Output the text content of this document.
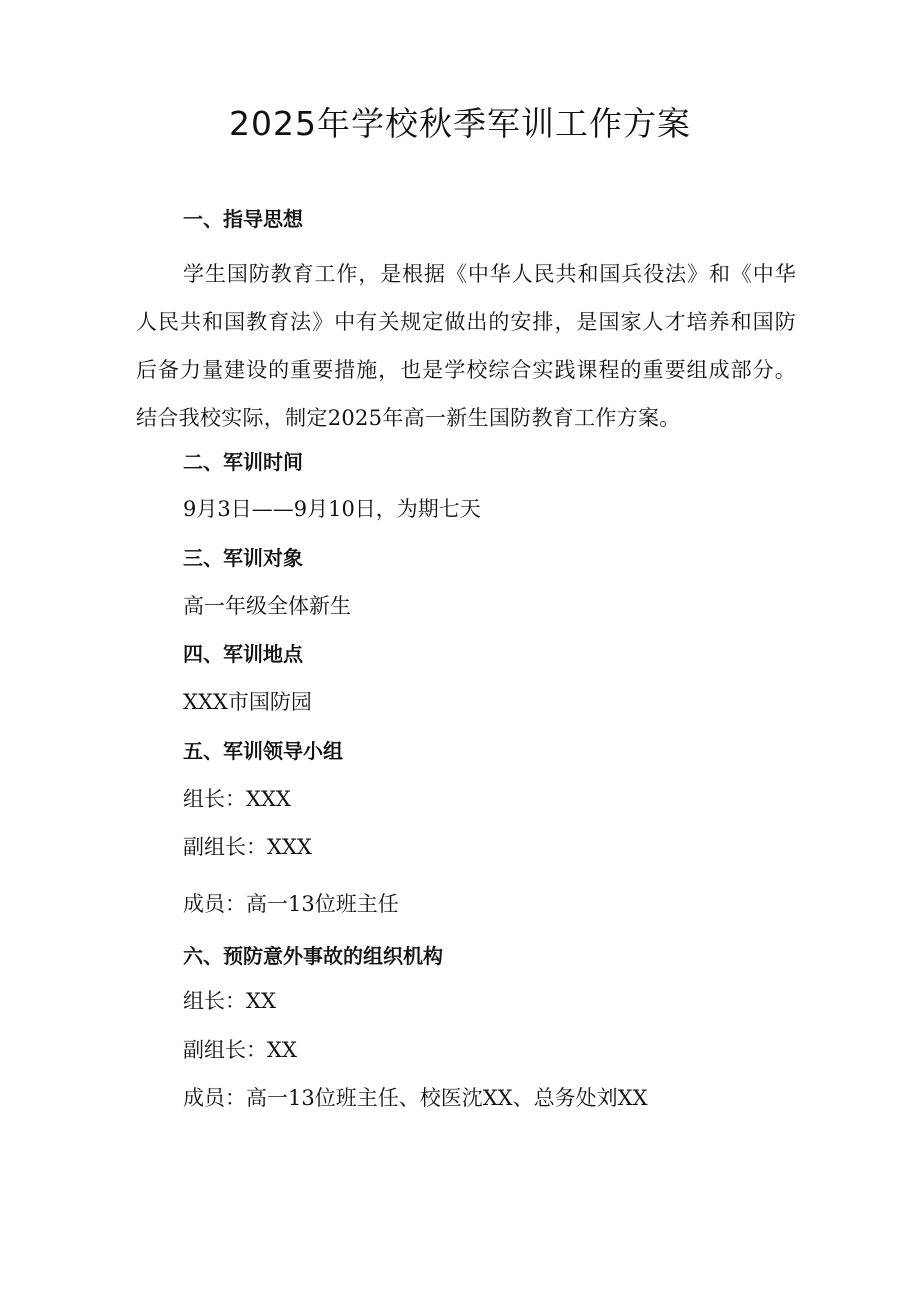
2025年学校秋季军训工作方案
一、指导思想

学生国防教育工作，是根据《中华人民共和国兵役法》和《中华人民共和国教育法》中有关规定做出的安排，是国家人才培养和国防后备力量建设的重要措施，也是学校综合实践课程的重要组成部分。结合我校实际，制定2025年高一新生国防教育工作方案。

二、军训时间
9月3日——9月10日，为期七天
三、军训对象
高一年级全体新生
四、军训地点
XXX市国防园
五、军训领导小组
组长：XXX
副组长：XXX
成员：高一13位班主任
六、预防意外事故的组织机构
组长：XX
副组长：XX
成员：高一13位班主任、校医沈XX、总务处刘XX
